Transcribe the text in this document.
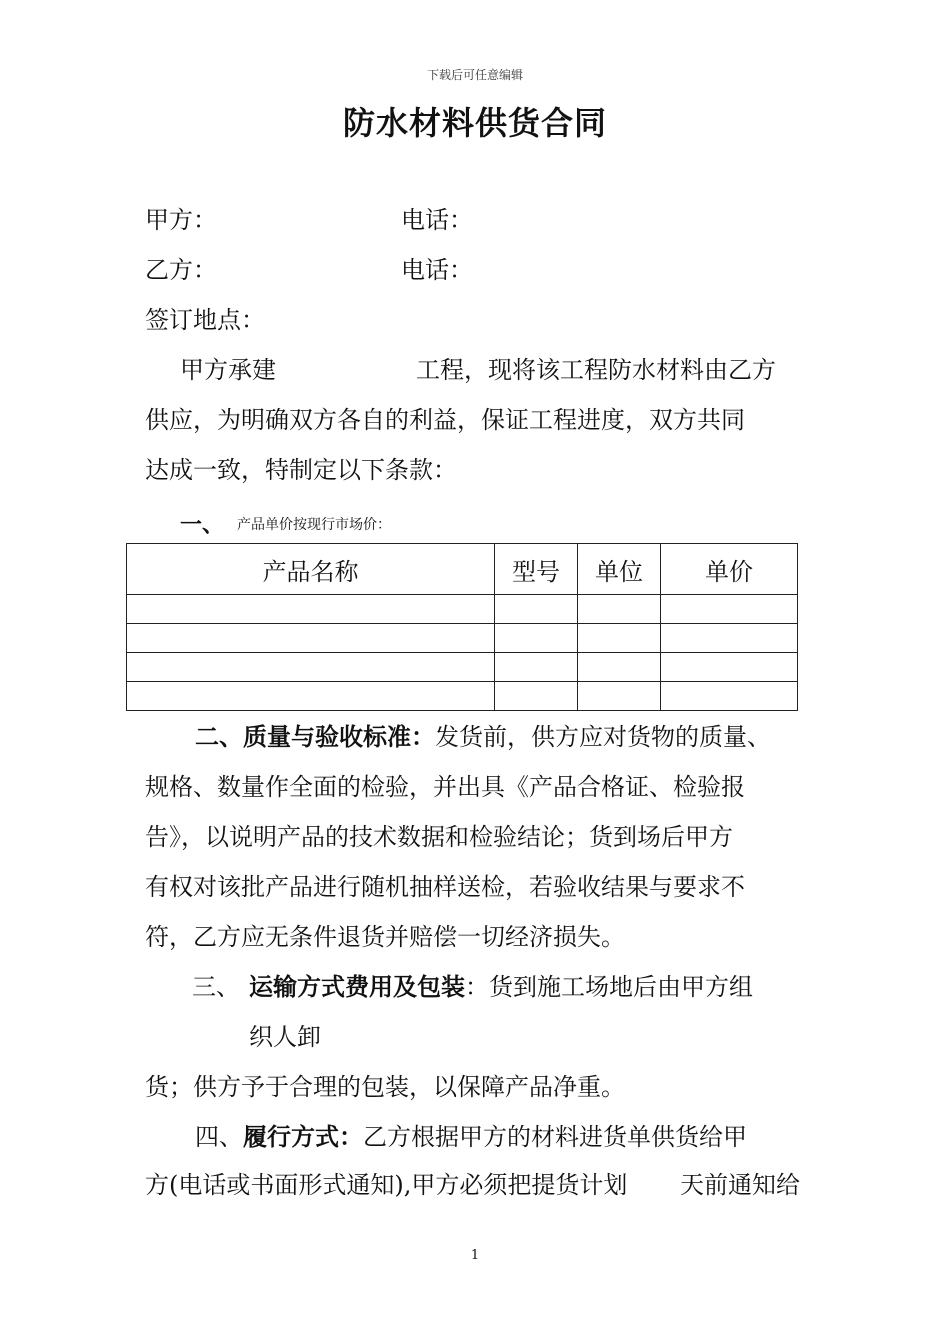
下载后可任意编辑
防水材料供货合同
甲方：	电话：
乙方：	电话：
签订地点：
甲方承建	工程，现将该工程防水材料由乙方
供应，为明确双方各自的利益，保证工程进度，双方共同
达成一致，特制定以下条款：
一、 产品单价按现行市场价：
产品名称	型号	单位	单价

二、质量与验收标准：发货前，供方应对货物的质量、
规格、数量作全面的检验，并出具《产品合格证、检验报
告》，以说明产品的技术数据和检验结论；货到场后甲方
有权对该批产品进行随机抽样送检，若验收结果与要求不
符，乙方应无条件退货并赔偿一切经济损失。
三、 运输方式费用及包装：货到施工场地后由甲方组
织人卸
货；供方予于合理的包装，以保障产品净重。
四、履行方式：乙方根据甲方的材料进货单供货给甲
方(电话或书面形式通知),甲方必须把提货计划 天前通知给
1
